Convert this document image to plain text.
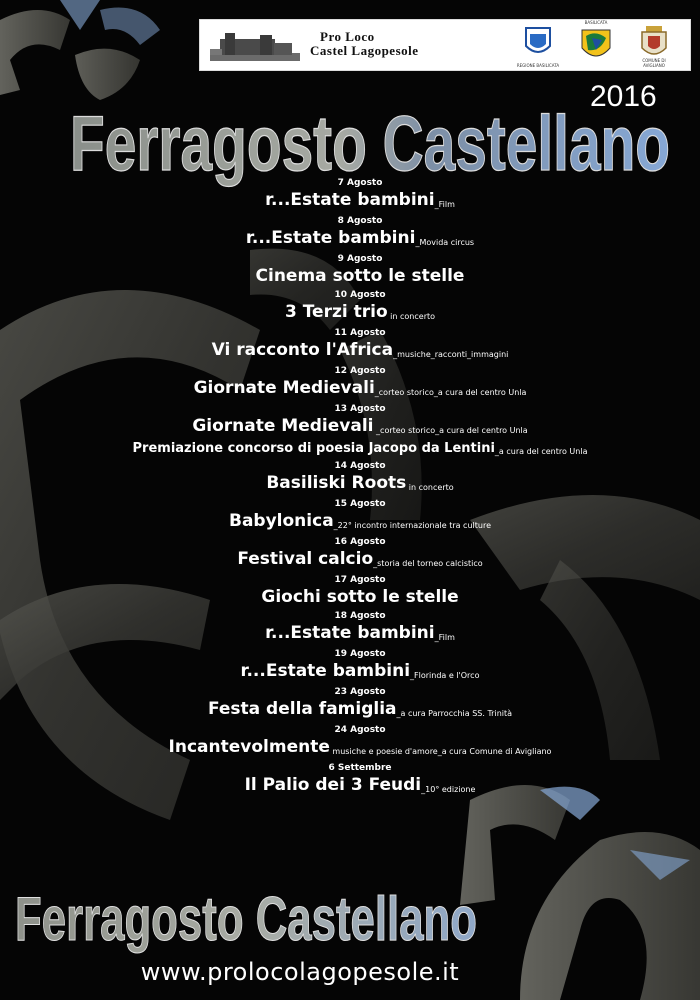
Pro Loco
Castel Lagopesole
REGIONE BASILICATA
BASILICATA
COMUNE DI AVIGLIANO
Ferragosto Castellano
2016
7 Agosto
r...Estate bambini_Film
8 Agosto
r...Estate bambini_Movida circus
9 Agosto
Cinema sotto le stelle
10 Agosto
3 Terzi trio in concerto
11 Agosto
Vi racconto l'Africa_musiche_racconti_immagini
12 Agosto
Giornate Medievali_corteo storico_a cura del centro Unla
13 Agosto
Giornate Medievali _corteo storico_a cura del centro Unla
Premiazione concorso di poesia Jacopo da Lentini_a cura del centro Unla
14 Agosto
Basiliski Roots in concerto
15 Agosto
Babylonica_22° incontro internazionale tra culture
16 Agosto
Festival calcio_storia del torneo calcistico
17 Agosto
Giochi sotto le stelle
18 Agosto
r...Estate bambini_Film
19 Agosto
r...Estate bambini_Florinda e l'Orco
23 Agosto
Festa della famiglia_a cura Parrocchia SS. Trinità
24 Agosto
Incantevolmente musiche e poesie d'amore_a cura Comune di Avigliano
6 Settembre
Il Palio dei 3 Feudi_10° edizione
Ferragosto Castellano
www.prolocolagopesole.it
